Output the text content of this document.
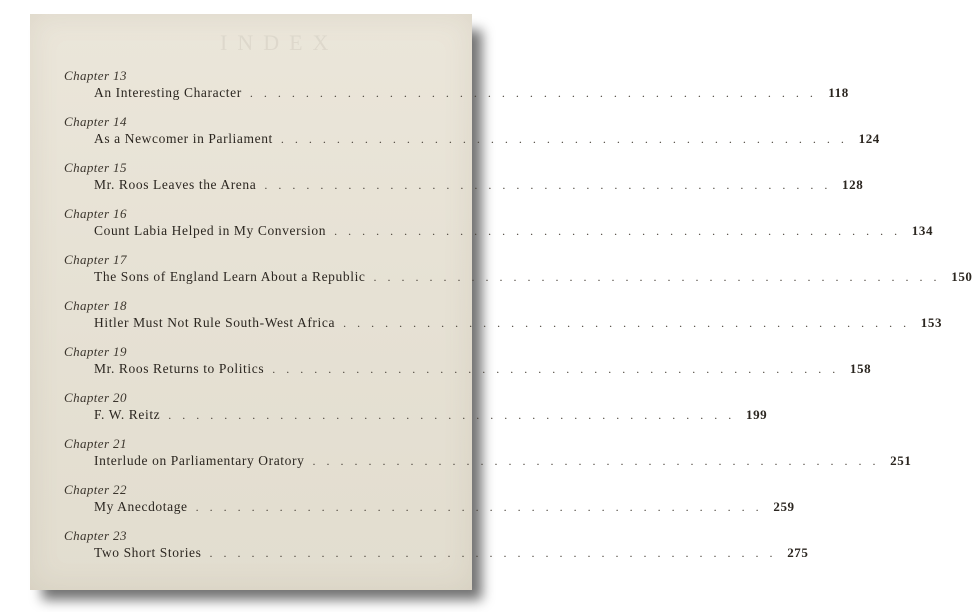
INDEX
Chapter 13
An Interesting Character . . . . . . . . . . . . . . . . . . . . . . . . . . . . . . . . . . . . . . . . . 118
Chapter 14
As a Newcomer in Parliament . . . . . . . . . . . . . . . . . . . . . . . . . . . . . . . . . . . . . . . . . 124
Chapter 15
Mr. Roos Leaves the Arena . . . . . . . . . . . . . . . . . . . . . . . . . . . . . . . . . . . . . . . . . 128
Chapter 16
Count Labia Helped in My Conversion . . . . . . . . . . . . . . . . . . . . . . . . . . . . . . . . . . . . . . . . . 134
Chapter 17
The Sons of England Learn About a Republic . . . . . . . . . . . . . . . . . . . . . . . . . . . . . . . . . . . . . . . . . 150
Chapter 18
Hitler Must Not Rule South-West Africa . . . . . . . . . . . . . . . . . . . . . . . . . . . . . . . . . . . . . . . . . 153
Chapter 19
Mr. Roos Returns to Politics . . . . . . . . . . . . . . . . . . . . . . . . . . . . . . . . . . . . . . . . . 158
Chapter 20
F. W. Reitz . . . . . . . . . . . . . . . . . . . . . . . . . . . . . . . . . . . . . . . . . 199
Chapter 21
Interlude on Parliamentary Oratory . . . . . . . . . . . . . . . . . . . . . . . . . . . . . . . . . . . . . . . . . 251
Chapter 22
My Anecdotage . . . . . . . . . . . . . . . . . . . . . . . . . . . . . . . . . . . . . . . . . 259
Chapter 23
Two Short Stories . . . . . . . . . . . . . . . . . . . . . . . . . . . . . . . . . . . . . . . . . 275
